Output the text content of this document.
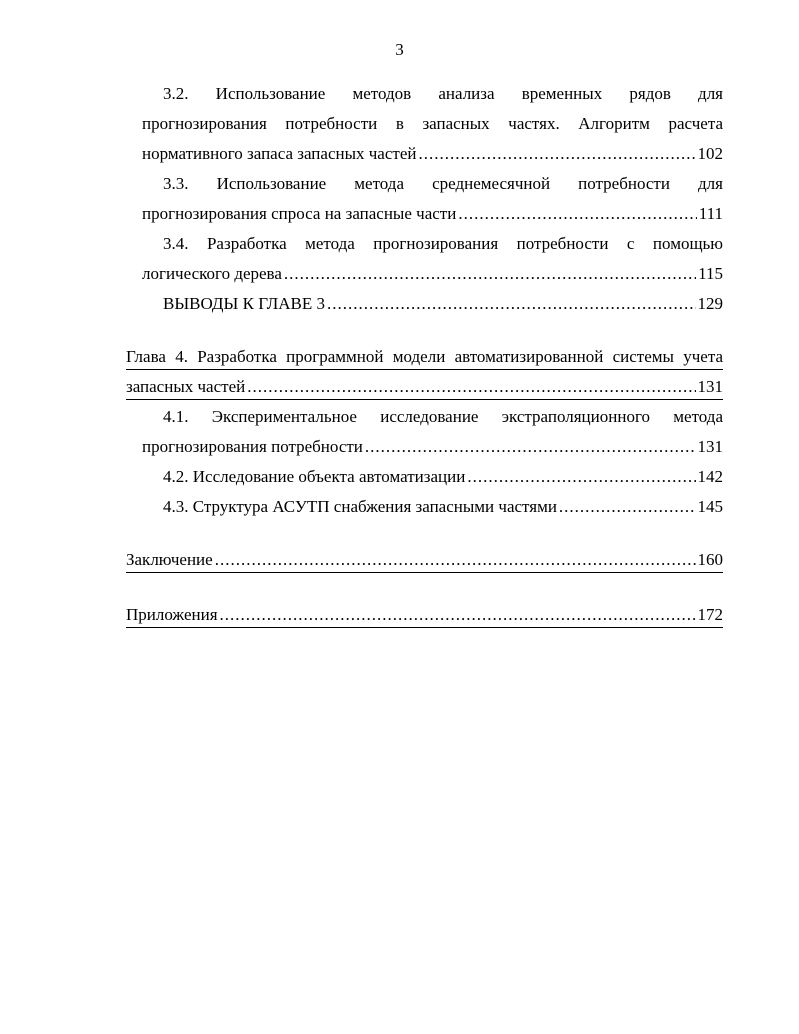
3
3.2. Использование методов анализа временных рядов для
прогнозирования потребности в запасных частях. Алгоритм расчета
нормативного запаса запасных частей .....	102
3.3. Использование метода среднемесячной потребности для
прогнозирования спроса на запасные части .....	111
3.4. Разработка метода прогнозирования потребности с помощью
логического дерева .....	115
ВЫВОДЫ К ГЛАВЕ 3 .....	129
Глава 4. Разработка программной модели автоматизированной системы учета
запасных частей .....	131
4.1. Экспериментальное исследование экстраполяционного метода
прогнозирования потребности .....	131
4.2. Исследование объекта автоматизации .....	142
4.3. Структура АСУТП снабжения запасными частями .....	145
Заключение .....	160
Приложения .....	172
